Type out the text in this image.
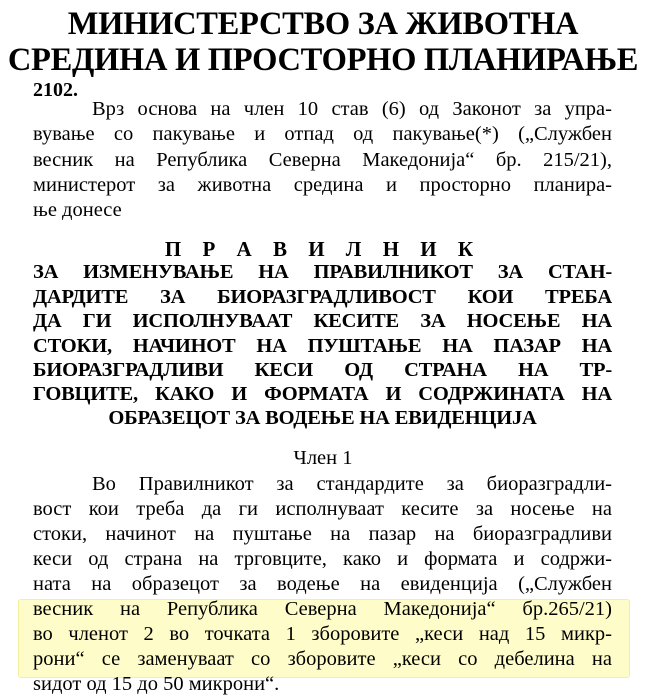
МИНИСТЕРСТВО ЗА ЖИВОТНА
СРЕДИНА И ПРОСТОРНО ПЛАНИРАЊЕ
2102.
Врз основа на член 10 став (6) од Законот за упра-
вување со пакување и отпад од пакување(*) („Службен
весник на Република Северна Македонија“ бр. 215/21),
министерот за животна средина и просторно планира-
ње донесе
П Р А В И Л Н И К
ЗА ИЗМЕНУВАЊЕ НА ПРАВИЛНИКОТ ЗА СТАН-
ДАРДИТЕ ЗА БИОРАЗГРАДЛИВОСТ КОИ ТРЕБА
ДА ГИ ИСПОЛНУВААТ КЕСИТЕ ЗА НОСЕЊЕ НА
СТОКИ, НАЧИНОТ НА ПУШТАЊЕ НА ПАЗАР НА
БИОРАЗГРАДЛИВИ КЕСИ ОД СТРАНА НА ТР-
ГОВЦИТЕ, КАКО И ФОРМАТА И СОДРЖИНАТА НА
ОБРАЗЕЦОТ ЗА ВОДЕЊЕ НА ЕВИДЕНЦИЈА
Член 1
Во Правилникот за стандардите за биоразградли-
вост кои треба да ги исполнуваат кесите за носење на
стоки, начинот на пуштање на пазар на биоразградливи
кеси од страна на трговците, како и формата и содржи-
ната на образецот за водење на евиденција („Службен
весник на Република Северна Македонија“ бр.265/21)
во членот 2 во точката 1 зборовите „кеси над 15 микр-
рони“ се заменуваат со зборовите „кеси со дебелина на
ѕидот од 15 до 50 микрони“.
